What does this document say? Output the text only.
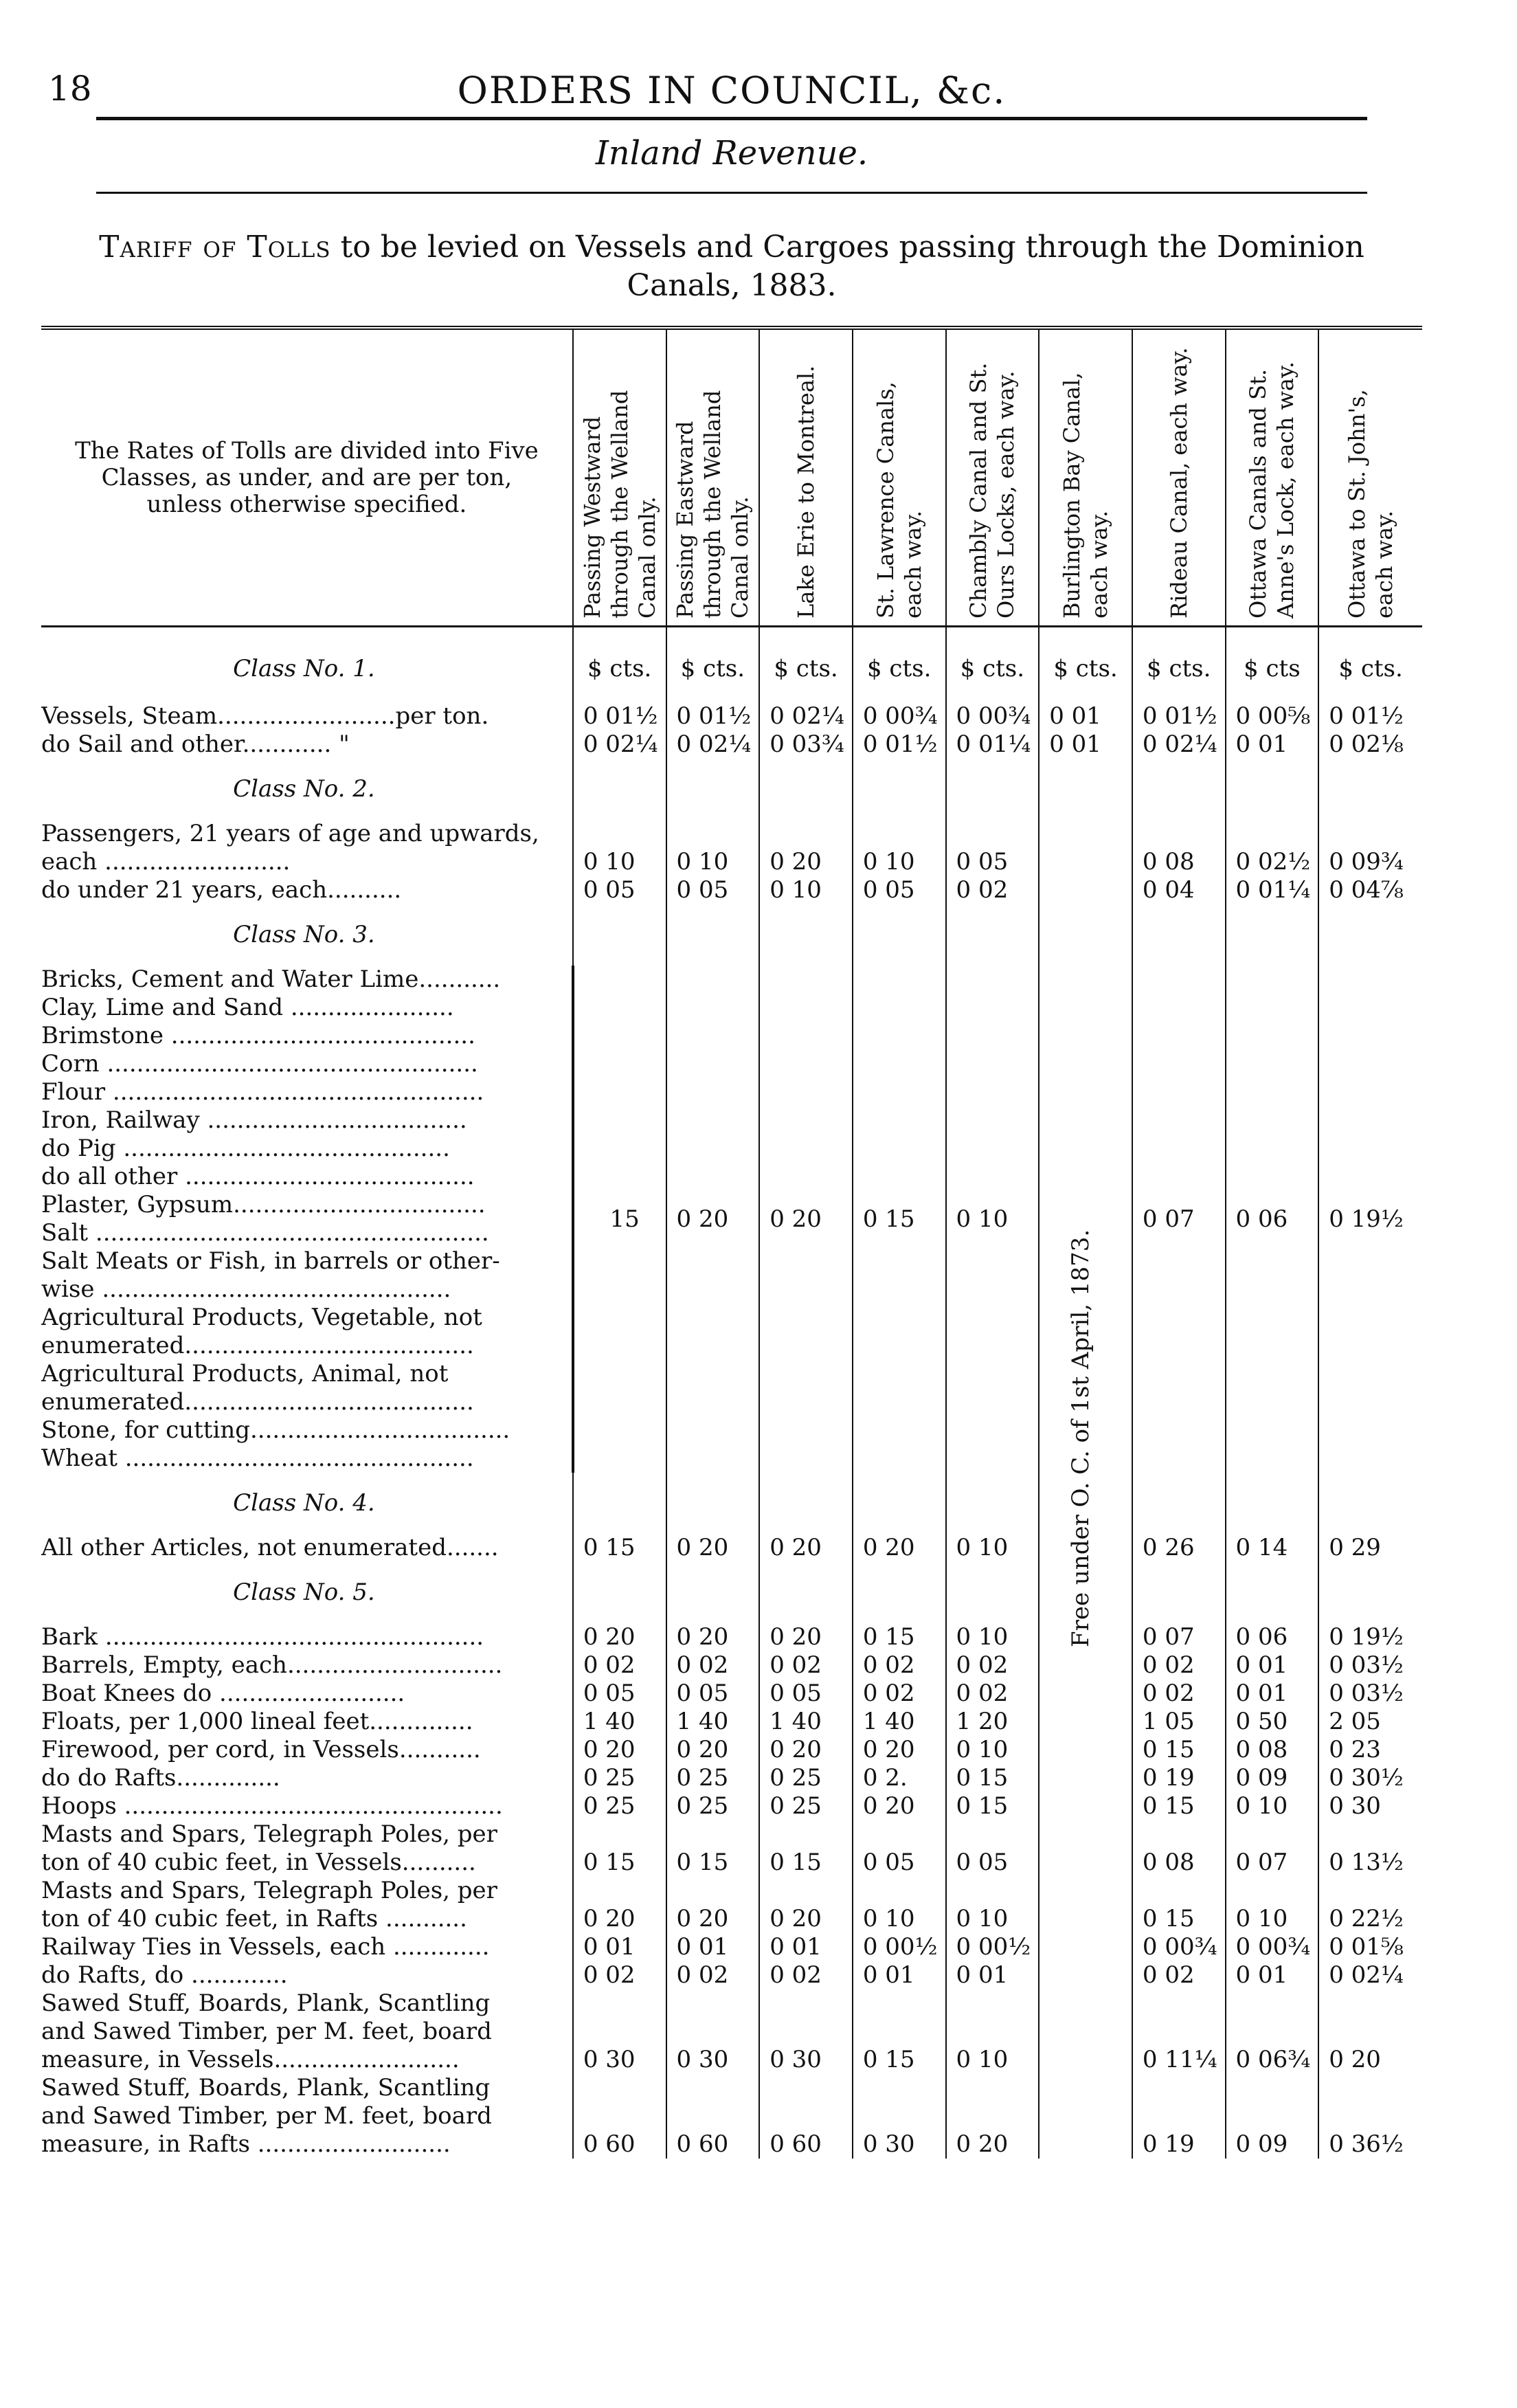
18	ORDERS IN COUNCIL, &c.
Inland Revenue.
Tariff of Tolls to be levied on Vessels and Cargoes passing through the Dominion Canals, 1883.
The Rates of Tolls are divided into Five Classes, as under, and are per ton, unless otherwise specified.	Passing Westward through the Welland Canal only.	Passing Eastward through the Welland Canal only.	Lake Erie to Montreal.	St. Lawrence Canals, each way.	Chambly Canal and St. Ours Locks, each way.	Burlington Bay Canal, each way.	Rideau Canal, each way.	Ottawa Canals and St. Anne's Lock, each way.	Ottawa to St. John's, each way.

Class No. 1.	$ cts.	$ cts.	$ cts.	$ cts.	$ cts.	$ cts.	$ cts.	$ cts	$ cts.
Vessels, Steam........................per ton.	0 01½	0 01½	0 02¼	0 00¾	0 00¾	0 01	0 01½	0 00⅝	0 01½
do Sail and other............ "	0 02¼	0 02¼	0 03¾	0 01½	0 01¼	0 01	0 02¼	0 01	0 02⅛
Class No. 2.									
Passengers, 21 years of age and upwards,									
each .........................	0 10	0 10	0 20	0 10	0 05		0 08	0 02½	0 09¾
do under 21 years, each..........	0 05	0 05	0 10	0 05	0 02		0 04	0 01¼	0 04⅞
Class No. 3.									
Bricks, Cement and Water Lime...........	15	0 20	0 20	0 15	0 10		0 07	0 06	0 19½
Clay, Lime and Sand ......................									
Brimstone .........................................									
Corn ..................................................									
Flour ..................................................									
Iron, Railway ...................................									
do Pig ............................................									
do all other .......................................									
Plaster, Gypsum..................................									
Salt .....................................................									
Salt Meats or Fish, in barrels or other-									
wise ...............................................									
Agricultural Products, Vegetable, not									
enumerated.......................................									
Agricultural Products, Animal, not									
enumerated.......................................									
Stone, for cutting...................................									
Wheat ...............................................									
Class No. 4.									
All other Articles, not enumerated.......	0 15	0 20	0 20	0 20	0 10	Free under O. C. of 1st April, 1873.	0 26	0 14	0 29
Class No. 5.									
Bark ...................................................	0 20	0 20	0 20	0 15	0 10		0 07	0 06	0 19½
Barrels, Empty, each.............................	0 02	0 02	0 02	0 02	0 02		0 02	0 01	0 03½
Boat Knees do .........................	0 05	0 05	0 05	0 02	0 02		0 02	0 01	0 03½
Floats, per 1,000 lineal feet..............	1 40	1 40	1 40	1 40	1 20		1 05	0 50	2 05
Firewood, per cord, in Vessels...........	0 20	0 20	0 20	0 20	0 10		0 15	0 08	0 23
do do Rafts..............	0 25	0 25	0 25	0 2.	0 15		0 19	0 09	0 30½
Hoops ...................................................	0 25	0 25	0 25	0 20	0 15		0 15	0 10	0 30
Masts and Spars, Telegraph Poles, per									
ton of 40 cubic feet, in Vessels..........	0 15	0 15	0 15	0 05	0 05		0 08	0 07	0 13½
Masts and Spars, Telegraph Poles, per									
ton of 40 cubic feet, in Rafts ...........	0 20	0 20	0 20	0 10	0 10		0 15	0 10	0 22½
Railway Ties in Vessels, each .............	0 01	0 01	0 01	0 00½	0 00½		0 00¾	0 00¾	0 01⅝
do Rafts, do .............	0 02	0 02	0 02	0 01	0 01		0 02	0 01	0 02¼
Sawed Stuff, Boards, Plank, Scantling									
and Sawed Timber, per M. feet, board									
measure, in Vessels.........................	0 30	0 30	0 30	0 15	0 10		0 11¼	0 06¾	0 20
Sawed Stuff, Boards, Plank, Scantling									
and Sawed Timber, per M. feet, board									
measure, in Rafts ..........................	0 60	0 60	0 60	0 30	0 20		0 19	0 09	0 36½
